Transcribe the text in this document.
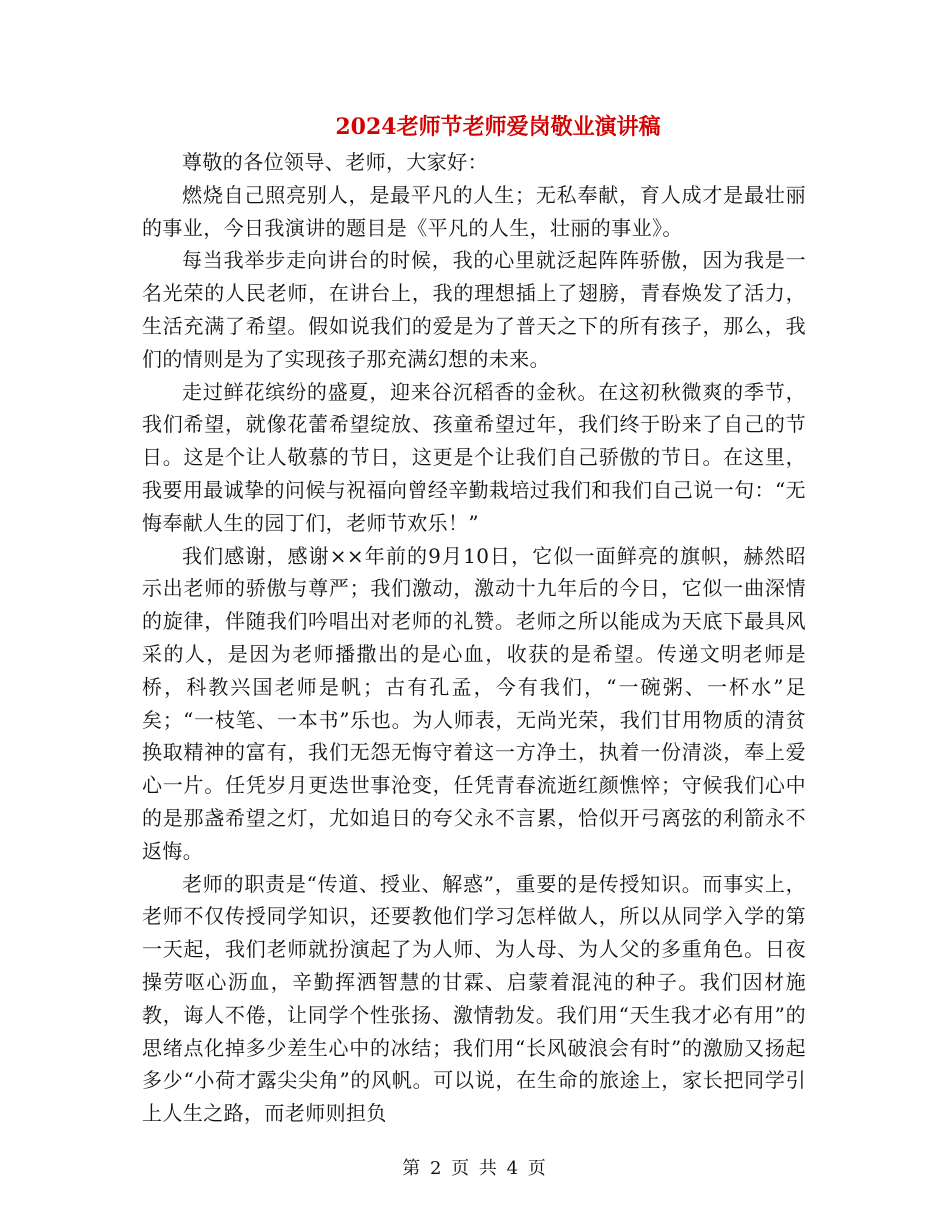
2024老师节老师爱岗敬业演讲稿

尊敬的各位领导、老师，大家好：

燃烧自己照亮别人，是最平凡的人生；无私奉献，育人成才是最壮丽的事业，今日我演讲的题目是《平凡的人生，壮丽的事业》。

每当我举步走向讲台的时候，我的心里就泛起阵阵骄傲，因为我是一名光荣的人民老师，在讲台上，我的理想插上了翅膀，青春焕发了活力，生活充满了希望。假如说我们的爱是为了普天之下的所有孩子，那么，我们的情则是为了实现孩子那充满幻想的未来。

走过鲜花缤纷的盛夏，迎来谷沉稻香的金秋。在这初秋微爽的季节，我们希望，就像花蕾希望绽放、孩童希望过年，我们终于盼来了自己的节日。这是个让人敬慕的节日，这更是个让我们自己骄傲的节日。在这里，我要用最诚挚的问候与祝福向曾经辛勤栽培过我们和我们自己说一句：“无悔奉献人生的园丁们，老师节欢乐！”

我们感谢，感谢××年前的9月10日，它似一面鲜亮的旗帜，赫然昭示出老师的骄傲与尊严；我们激动，激动十九年后的今日，它似一曲深情的旋律，伴随我们吟唱出对老师的礼赞。老师之所以能成为天底下最具风采的人，是因为老师播撒出的是心血，收获的是希望。传递文明老师是桥，科教兴国老师是帆；古有孔孟，今有我们，“一碗粥、一杯水”足矣；“一枝笔、一本书”乐也。为人师表，无尚光荣，我们甘用物质的清贫换取精神的富有，我们无怨无悔守着这一方净土，执着一份清淡，奉上爱心一片。任凭岁月更迭世事沧变，任凭青春流逝红颜憔悴；守候我们心中的是那盏希望之灯，尤如追日的夸父永不言累，恰似开弓离弦的利箭永不返悔。

老师的职责是“传道、授业、解惑”，重要的是传授知识。而事实上，老师不仅传授同学知识，还要教他们学习怎样做人，所以从同学入学的第一天起，我们老师就扮演起了为人师、为人母、为人父的多重角色。日夜操劳呕心沥血，辛勤挥洒智慧的甘霖、启蒙着混沌的种子。我们因材施教，诲人不倦，让同学个性张扬、激情勃发。我们用“天生我才必有用”的思绪点化掉多少差生心中的冰结；我们用“长风破浪会有时”的激励又扬起多少“小荷才露尖尖角”的风帆。可以说，在生命的旅途上，家长把同学引上人生之路，而老师则担负

第 2 页 共 4 页
